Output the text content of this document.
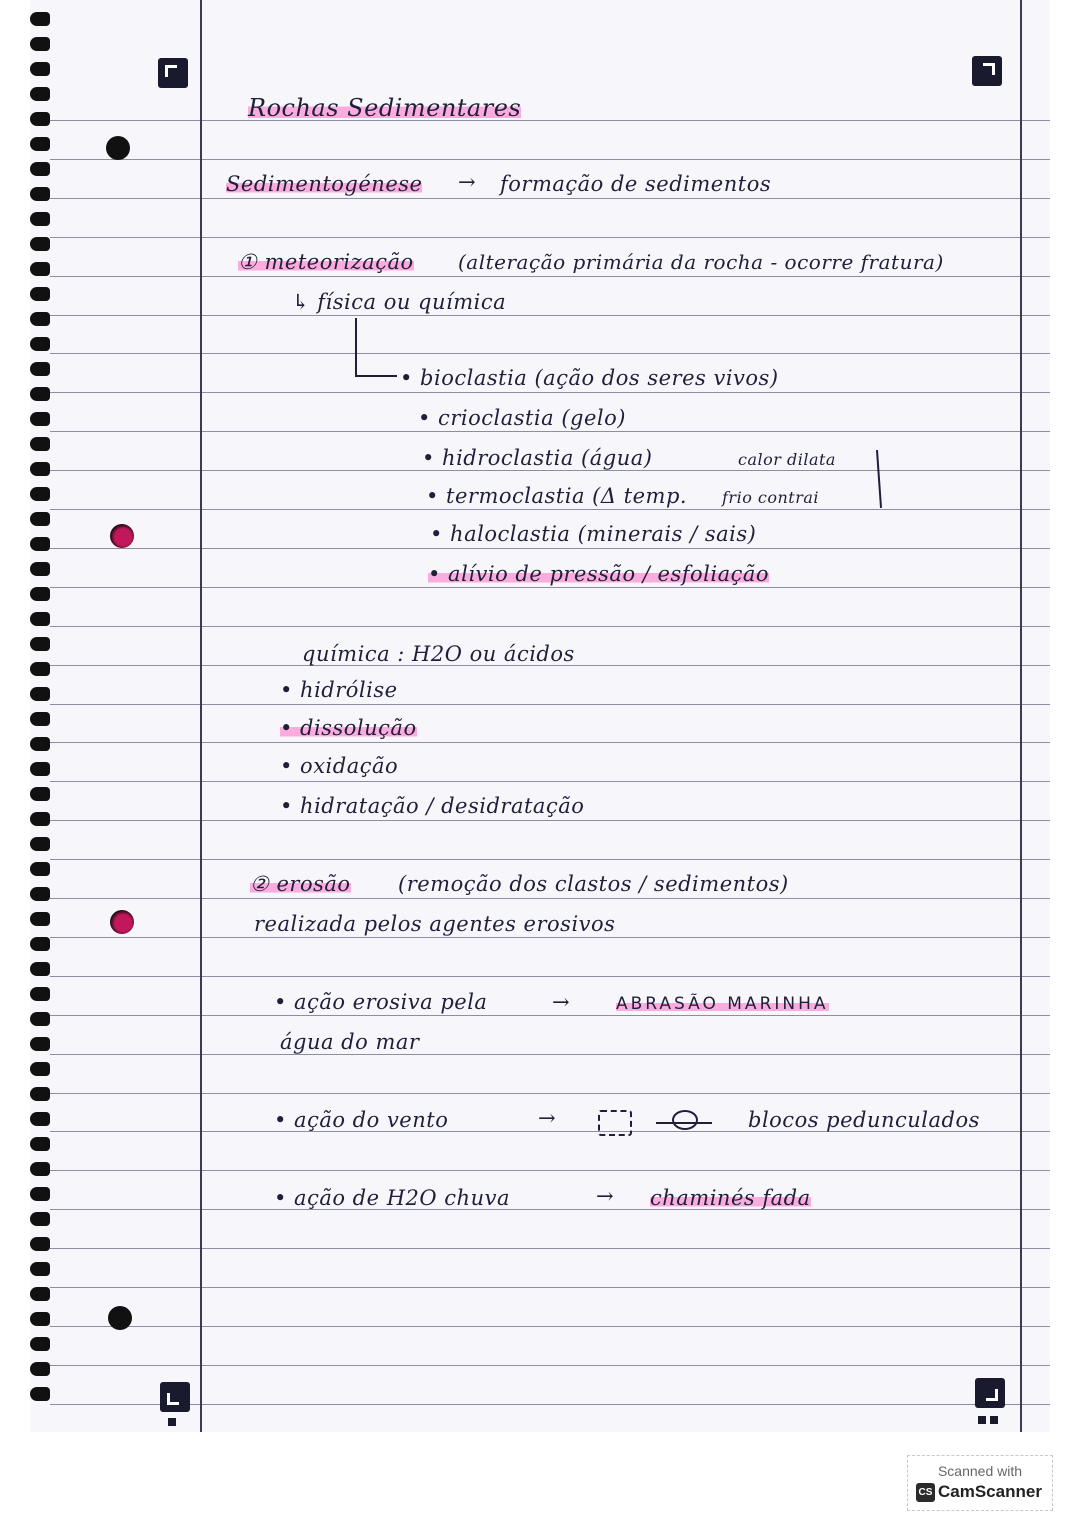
Rochas Sedimentares
Sedimentogénese → formação de sedimentos
① meteorização (alteração primária da rocha - ocorre fratura)
↳ física ou química
• bioclastia (ação dos seres vivos)
• crioclastia (gelo)
• hidroclastia (água)
• termoclastia (Δ temp.
• haloclastia (minerais / sais)
• alívio de pressão / esfoliação
calor dilata
frio contrai
química : H2O ou ácidos
• hidrólise
• dissolução
• oxidação
• hidratação / desidratação
② erosão (remoção dos clastos / sedimentos)
realizada pelos agentes erosivos
• ação erosiva pela	→	ABRASÃO MARINHA
água do mar
• ação do vento	→	blocos pedunculados
• ação de H2O chuva	→ chaminés fada
Scanned with
CS CamScanner
